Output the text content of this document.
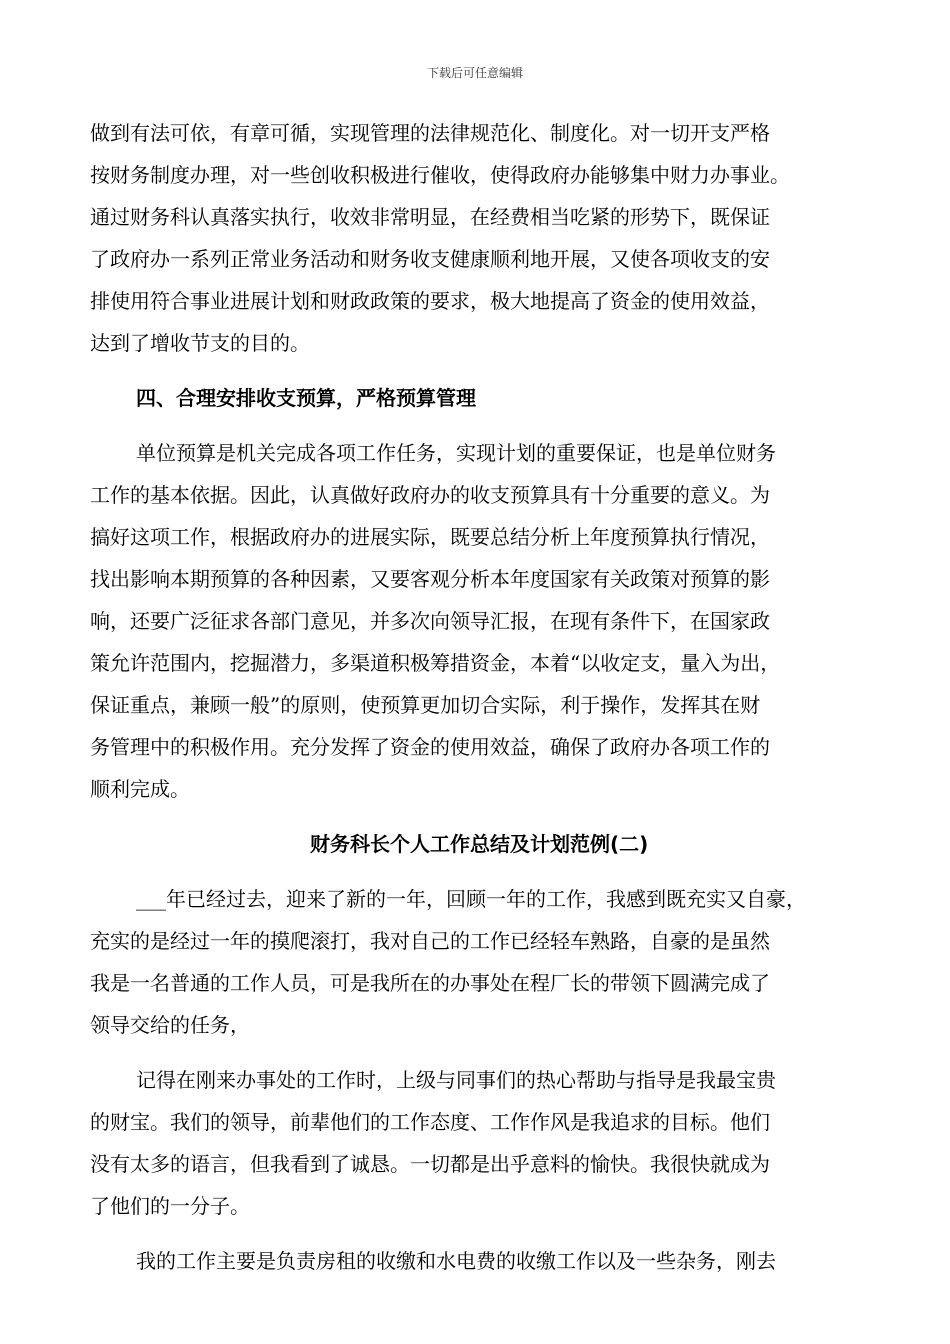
下载后可任意编辑
做到有法可依，有章可循，实现管理的法律规范化、制度化。对一切开支严格
按财务制度办理，对一些创收积极进行催收，使得政府办能够集中财力办事业。
通过财务科认真落实执行，收效非常明显，在经费相当吃紧的形势下，既保证
了政府办一系列正常业务活动和财务收支健康顺利地开展，又使各项收支的安
排使用符合事业进展计划和财政政策的要求，极大地提高了资金的使用效益，
达到了增收节支的目的。
四、合理安排收支预算，严格预算管理
单位预算是机关完成各项工作任务，实现计划的重要保证，也是单位财务
工作的基本依据。因此，认真做好政府办的收支预算具有十分重要的意义。为
搞好这项工作，根据政府办的进展实际，既要总结分析上年度预算执行情况，
找出影响本期预算的各种因素，又要客观分析本年度国家有关政策对预算的影
响，还要广泛征求各部门意见，并多次向领导汇报，在现有条件下，在国家政
策允许范围内，挖掘潜力，多渠道积极筹措资金，本着“以收定支，量入为出，
保证重点，兼顾一般”的原则，使预算更加切合实际，利于操作，发挥其在财
务管理中的积极作用。充分发挥了资金的使用效益，确保了政府办各项工作的
顺利完成。
财务科长个人工作总结及计划范例(二)
___年已经过去，迎来了新的一年，回顾一年的工作，我感到既充实又自豪，
充实的是经过一年的摸爬滚打，我对自己的工作已经轻车熟路，自豪的是虽然
我是一名普通的工作人员，可是我所在的办事处在程厂长的带领下圆满完成了
领导交给的任务，
记得在刚来办事处的工作时，上级与同事们的热心帮助与指导是我最宝贵
的财宝。我们的领导，前辈他们的工作态度、工作作风是我追求的目标。他们
没有太多的语言，但我看到了诚恳。一切都是出乎意料的愉快。我很快就成为
了他们的一分子。
我的工作主要是负责房租的收缴和水电费的收缴工作以及一些杂务，刚去
